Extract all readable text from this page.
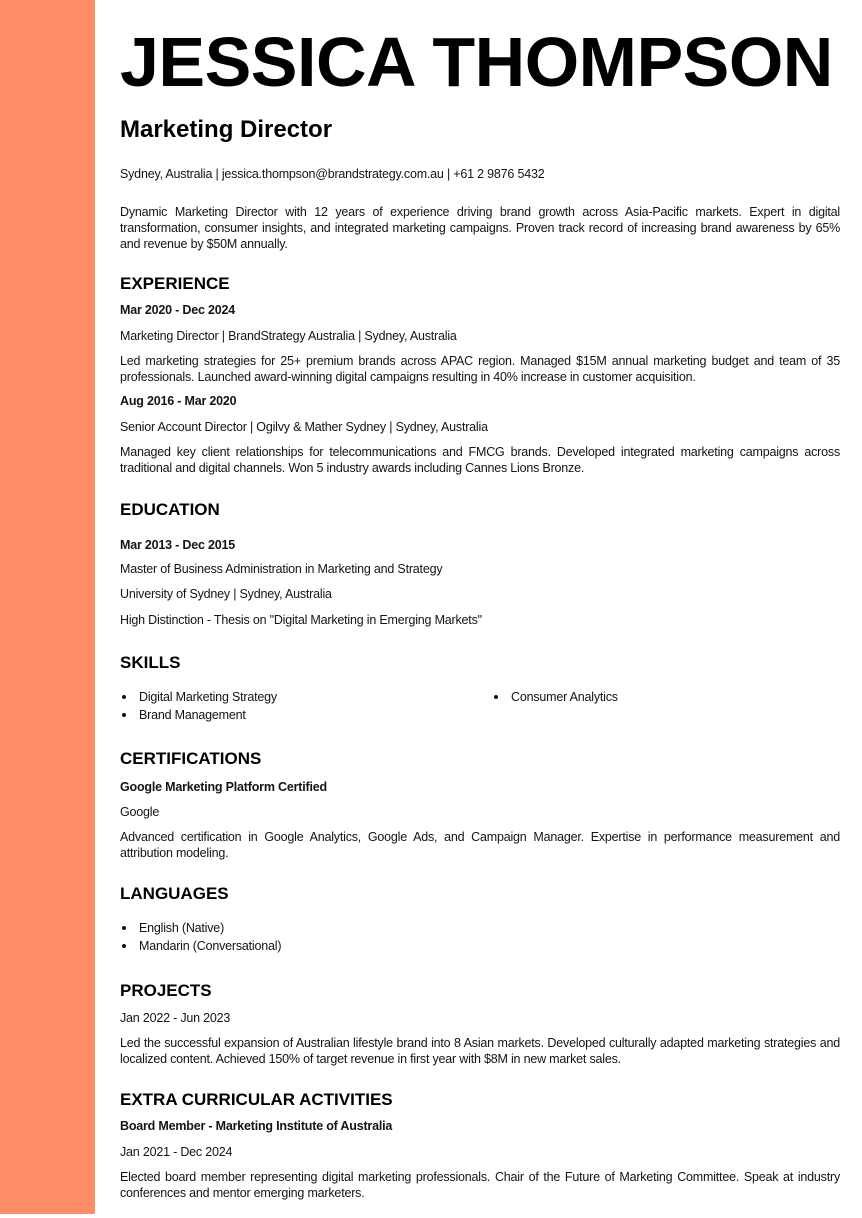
JESSICA THOMPSON
Marketing Director

Sydney, Australia | jessica.thompson@brandstrategy.com.au | +61 2 9876 5432

Dynamic Marketing Director with 12 years of experience driving brand growth across Asia-Pacific markets. Expert in digital transformation, consumer insights, and integrated marketing campaigns. Proven track record of increasing brand awareness by 65% and revenue by $50M annually.

EXPERIENCE

Mar 2020 - Dec 2024

Marketing Director | BrandStrategy Australia | Sydney, Australia

Led marketing strategies for 25+ premium brands across APAC region. Managed $15M annual marketing budget and team of 35 professionals. Launched award-winning digital campaigns resulting in 40% increase in customer acquisition.

Aug 2016 - Mar 2020

Senior Account Director | Ogilvy & Mather Sydney | Sydney, Australia

Managed key client relationships for telecommunications and FMCG brands. Developed integrated marketing campaigns across traditional and digital channels. Won 5 industry awards including Cannes Lions Bronze.

EDUCATION

Mar 2013 - Dec 2015

Master of Business Administration in Marketing and Strategy

University of Sydney | Sydney, Australia

High Distinction - Thesis on "Digital Marketing in Emerging Markets"

SKILLS
Digital Marketing Strategy
Brand Management
Consumer Analytics
CERTIFICATIONS

Google Marketing Platform Certified

Google

Advanced certification in Google Analytics, Google Ads, and Campaign Manager. Expertise in performance measurement and attribution modeling.

LANGUAGES
English (Native)
Mandarin (Conversational)
PROJECTS

Jan 2022 - Jun 2023

Led the successful expansion of Australian lifestyle brand into 8 Asian markets. Developed culturally adapted marketing strategies and localized content. Achieved 150% of target revenue in first year with $8M in new market sales.

EXTRA CURRICULAR ACTIVITIES

Board Member - Marketing Institute of Australia

Jan 2021 - Dec 2024

Elected board member representing digital marketing professionals. Chair of the Future of Marketing Committee. Speak at industry conferences and mentor emerging marketers.
